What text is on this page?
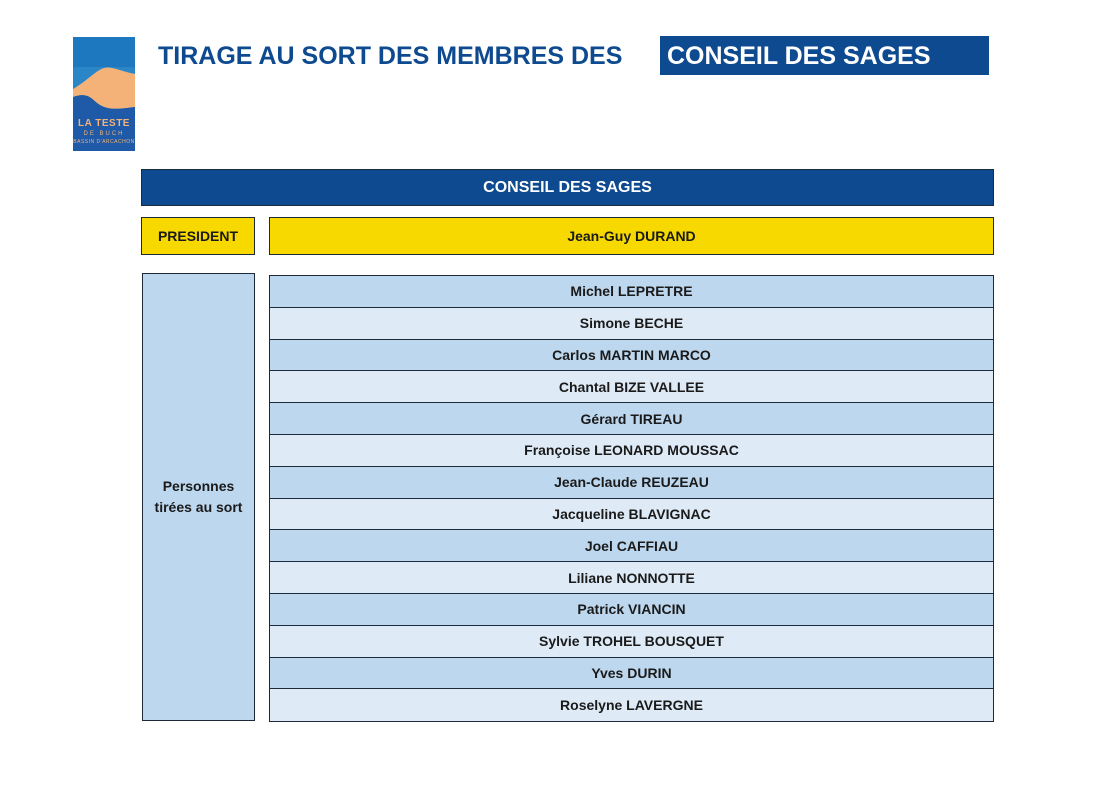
LA TESTE
DE BUCH
BASSIN D'ARCACHON
TIRAGE AU SORT DES MEMBRES DES CONSEIL DES SAGES
CONSEIL DES SAGES
PRESIDENT	Jean-Guy DURAND
Personnes tirées au sort
Michel LEPRETRE
Simone BECHE
Carlos MARTIN MARCO
Chantal BIZE VALLEE
Gérard TIREAU
Françoise LEONARD MOUSSAC
Jean-Claude REUZEAU
Jacqueline BLAVIGNAC
Joel CAFFIAU
Liliane NONNOTTE
Patrick VIANCIN
Sylvie TROHEL BOUSQUET
Yves DURIN
Roselyne LAVERGNE
